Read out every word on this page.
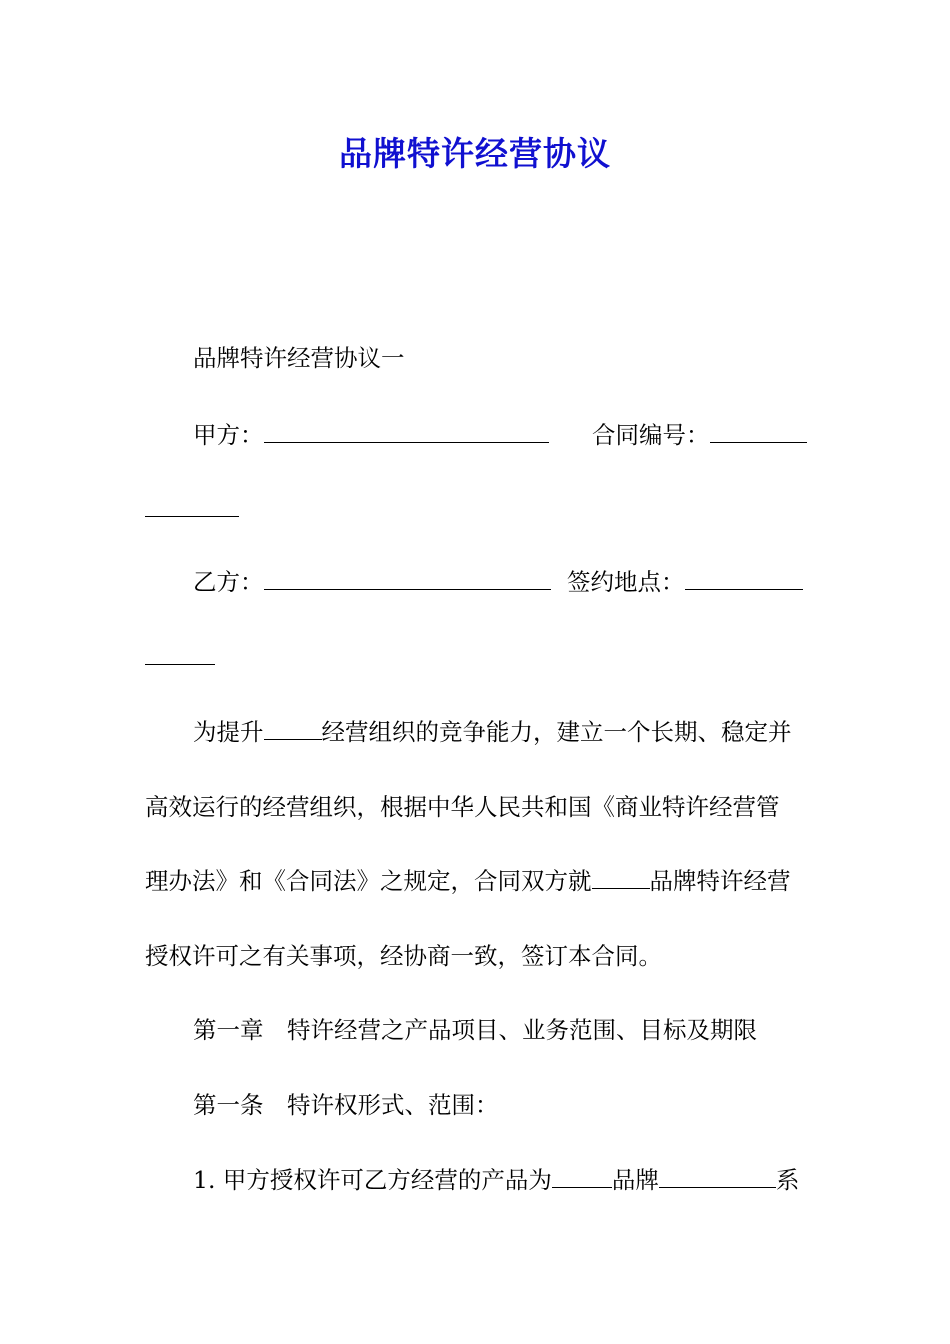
品牌特许经营协议
品牌特许经营协议一
甲方：	合同编号：
乙方：	签约地点：
为提升 经营组织的竞争能力，建立一个长期、稳定并
高效运行的经营组织，根据中华人民共和国《商业特许经营管
理办法》和《合同法》之规定，合同双方就 品牌特许经营
授权许可之有关事项，经协商一致，签订本合同。
第一章　特许经营之产品项目、业务范围、目标及期限
第一条　特许权形式、范围：
1. 甲方授权许可乙方经营的产品为	品牌	系
